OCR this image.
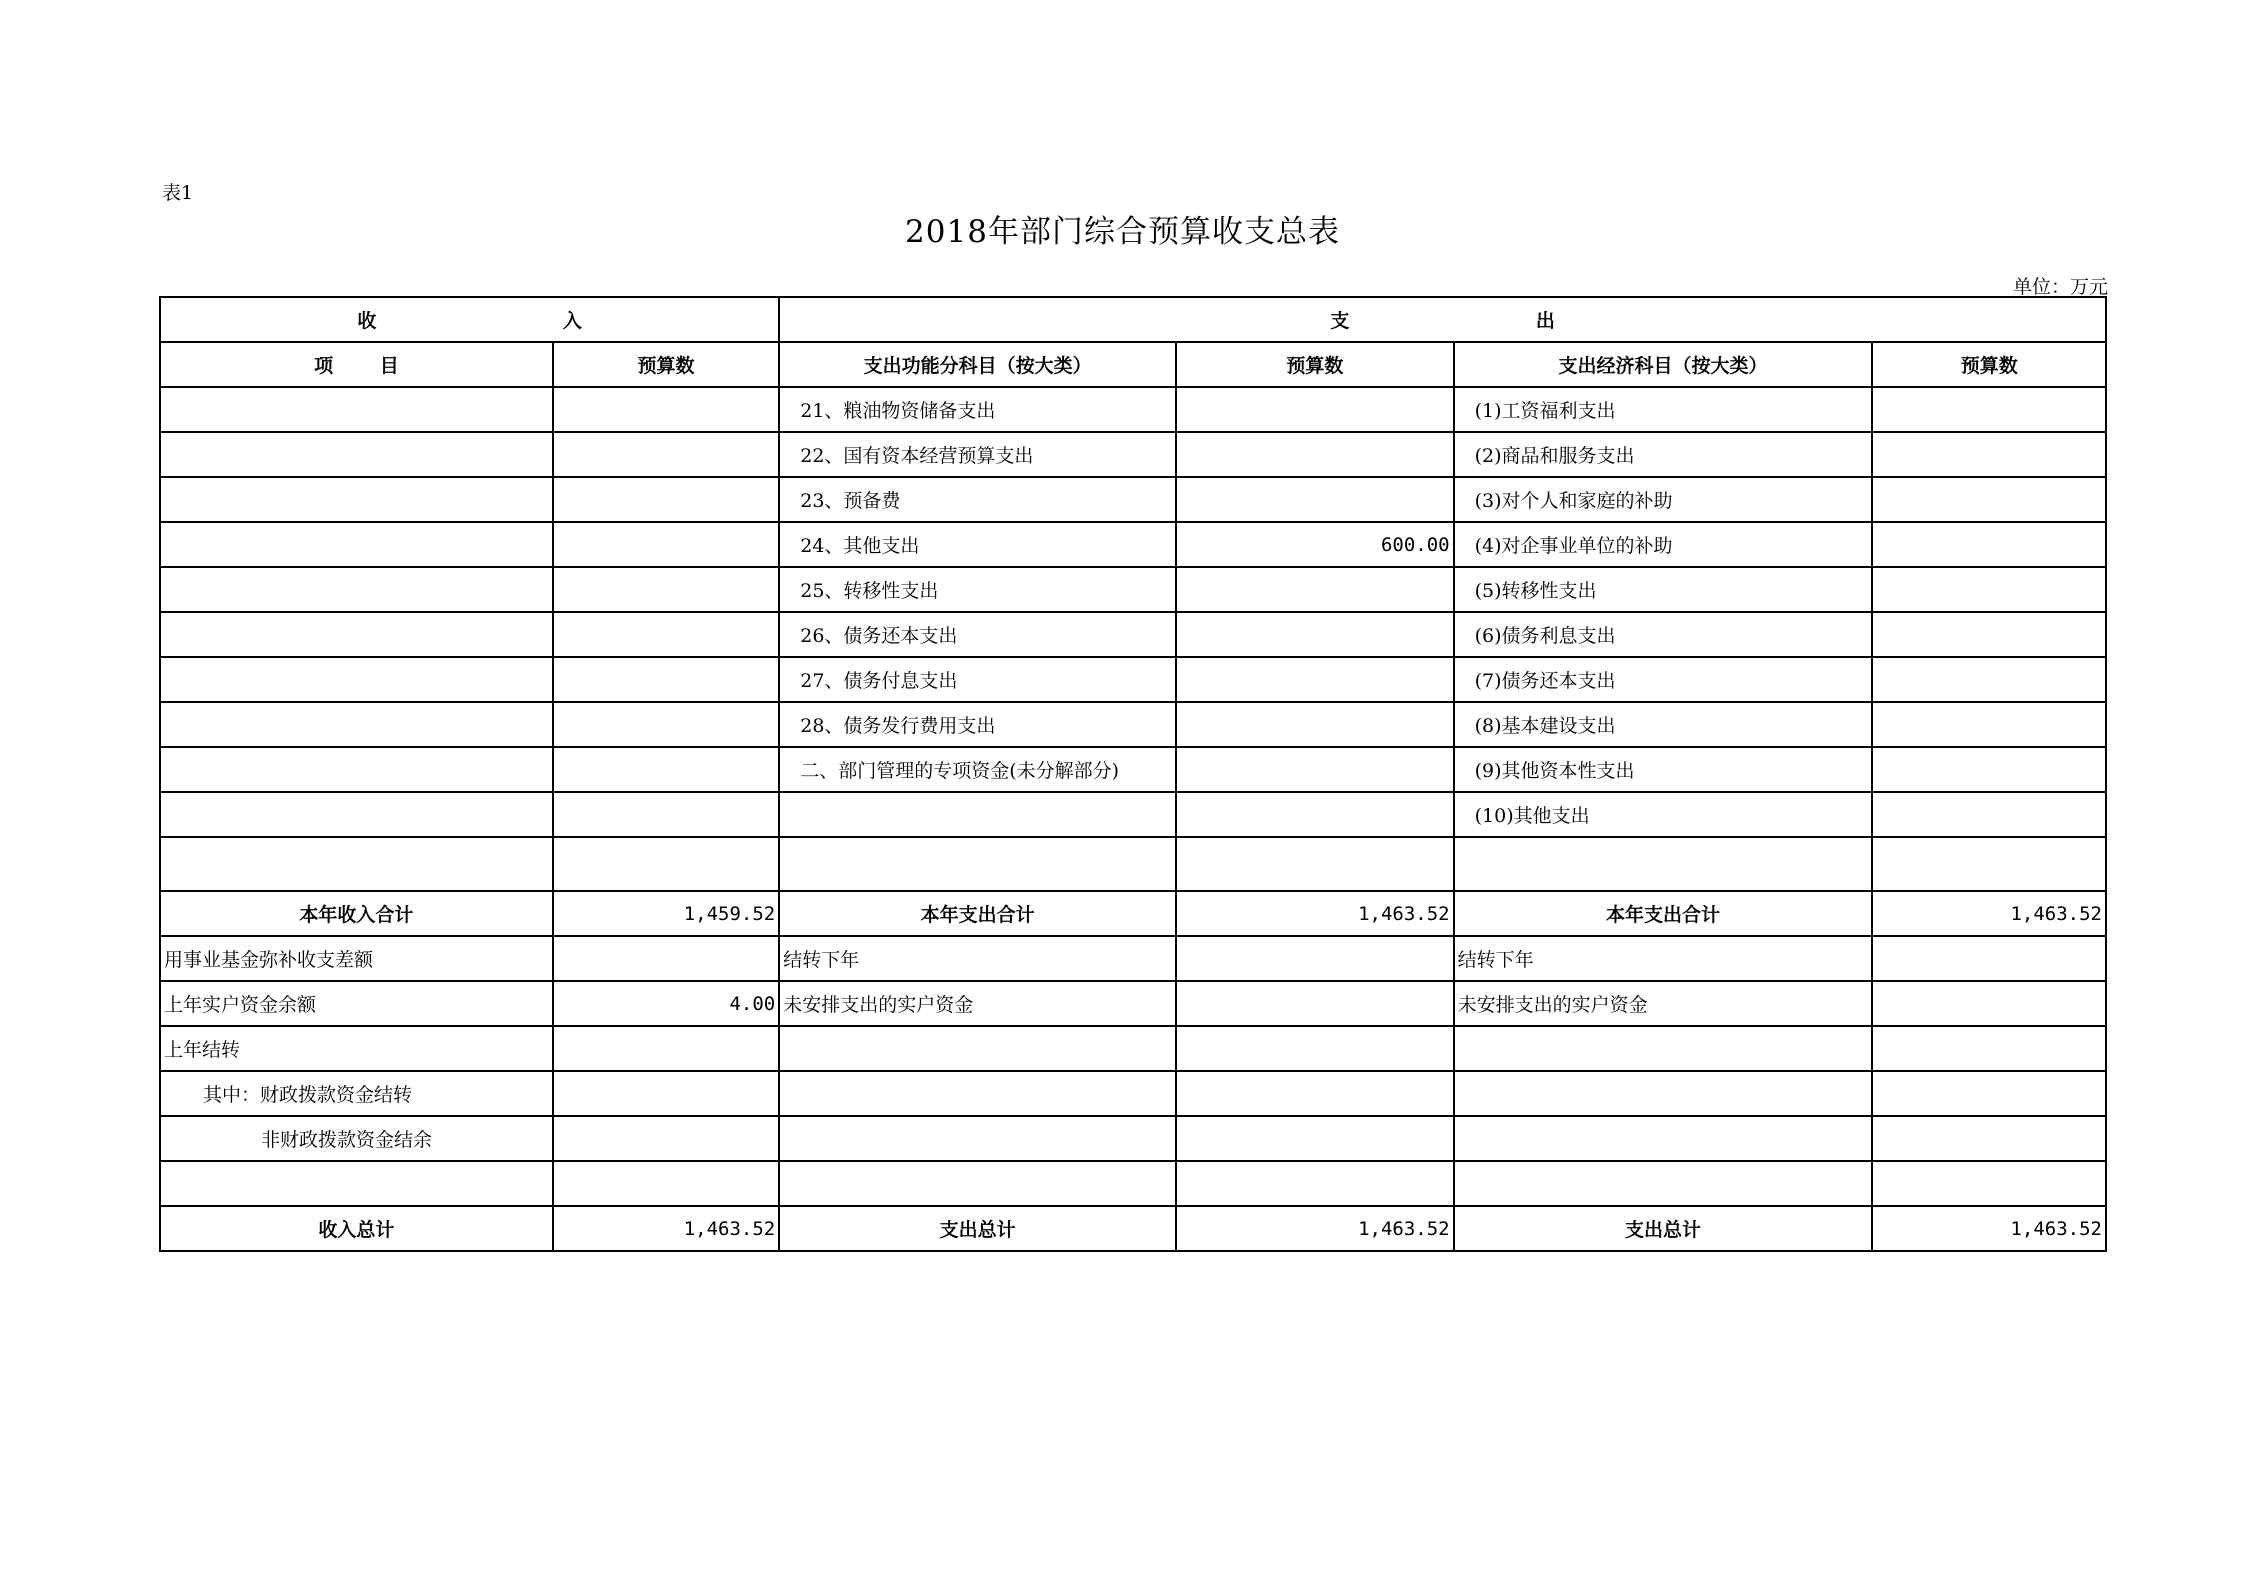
表1
2018年部门综合预算收支总表
单位：万元
收 入		支 出			
项 目	预算数	支出功能分科目（按大类）	预算数	支出经济科目（按大类）	预算数
		21、粮油物资储备支出		(1)工资福利支出	
		22、国有资本经营预算支出		(2)商品和服务支出	
		23、预备费		(3)对个人和家庭的补助	
		24、其他支出	600.00	(4)对企事业单位的补助	
		25、转移性支出		(5)转移性支出	
		26、债务还本支出		(6)债务利息支出	
		27、债务付息支出		(7)债务还本支出	
		28、债务发行费用支出		(8)基本建设支出	
		二、部门管理的专项资金(未分解部分)		(9)其他资本性支出	
				(10)其他支出	

本年收入合计	1,459.52	本年支出合计	1,463.52	本年支出合计	1,463.52
用事业基金弥补收支差额		结转下年		结转下年	
上年实户资金余额	4.00	未安排支出的实户资金		未安排支出的实户资金	
上年结转					
其中：财政拨款资金结转					
非财政拨款资金结余					

收入总计	1,463.52	支出总计	1,463.52	支出总计	1,463.52
